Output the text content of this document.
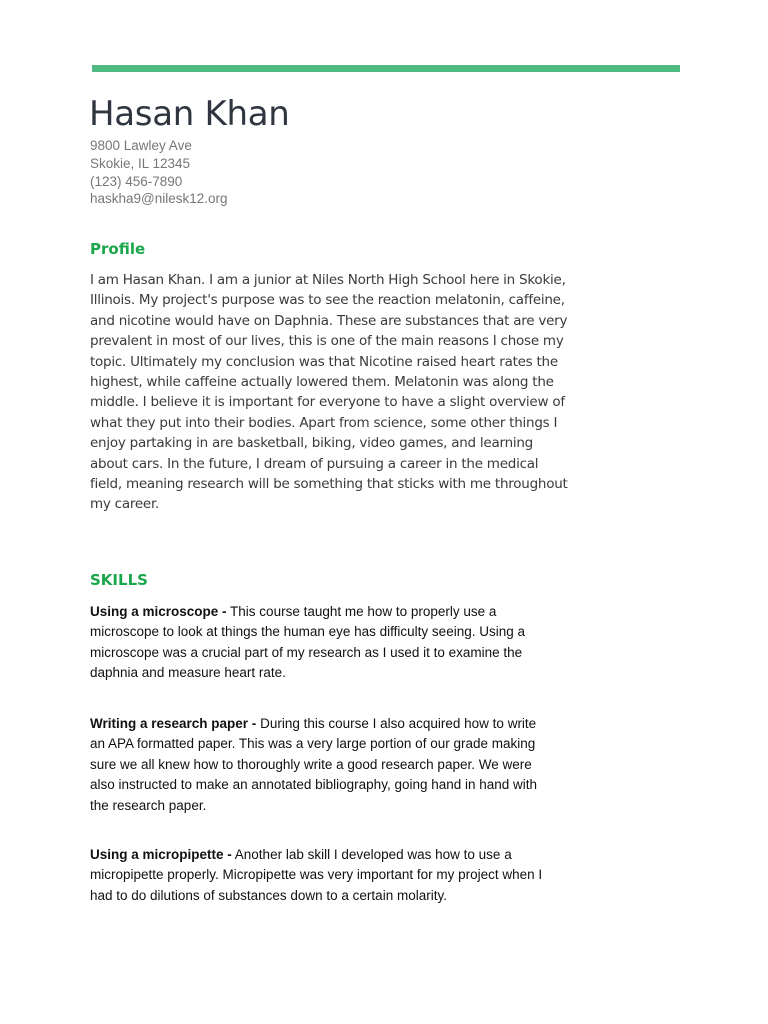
Hasan Khan
9800 Lawley Ave
Skokie, IL 12345
(123) 456-7890
haskha9@nilesk12.org
Profile

I am Hasan Khan. I am a junior at Niles North High School here in Skokie, Illinois. My project's purpose was to see the reaction melatonin, caffeine, and nicotine would have on Daphnia. These are substances that are very prevalent in most of our lives, this is one of the main reasons I chose my topic. Ultimately my conclusion was that Nicotine raised heart rates the highest, while caffeine actually lowered them. Melatonin was along the middle. I believe it is important for everyone to have a slight overview of what they put into their bodies. Apart from science, some other things I enjoy partaking in are basketball, biking, video games, and learning about cars. In the future, I dream of pursuing a career in the medical field, meaning research will be something that sticks with me throughout my career.

SKILLS

Using a microscope - This course taught me how to properly use a microscope to look at things the human eye has difficulty seeing. Using a microscope was a crucial part of my research as I used it to examine the daphnia and measure heart rate.

Writing a research paper - During this course I also acquired how to write an APA formatted paper. This was a very large portion of our grade making sure we all knew how to thoroughly write a good research paper. We were also instructed to make an annotated bibliography, going hand in hand with the research paper.

Using a micropipette - Another lab skill I developed was how to use a micropipette properly. Micropipette was very important for my project when I had to do dilutions of substances down to a certain molarity.
